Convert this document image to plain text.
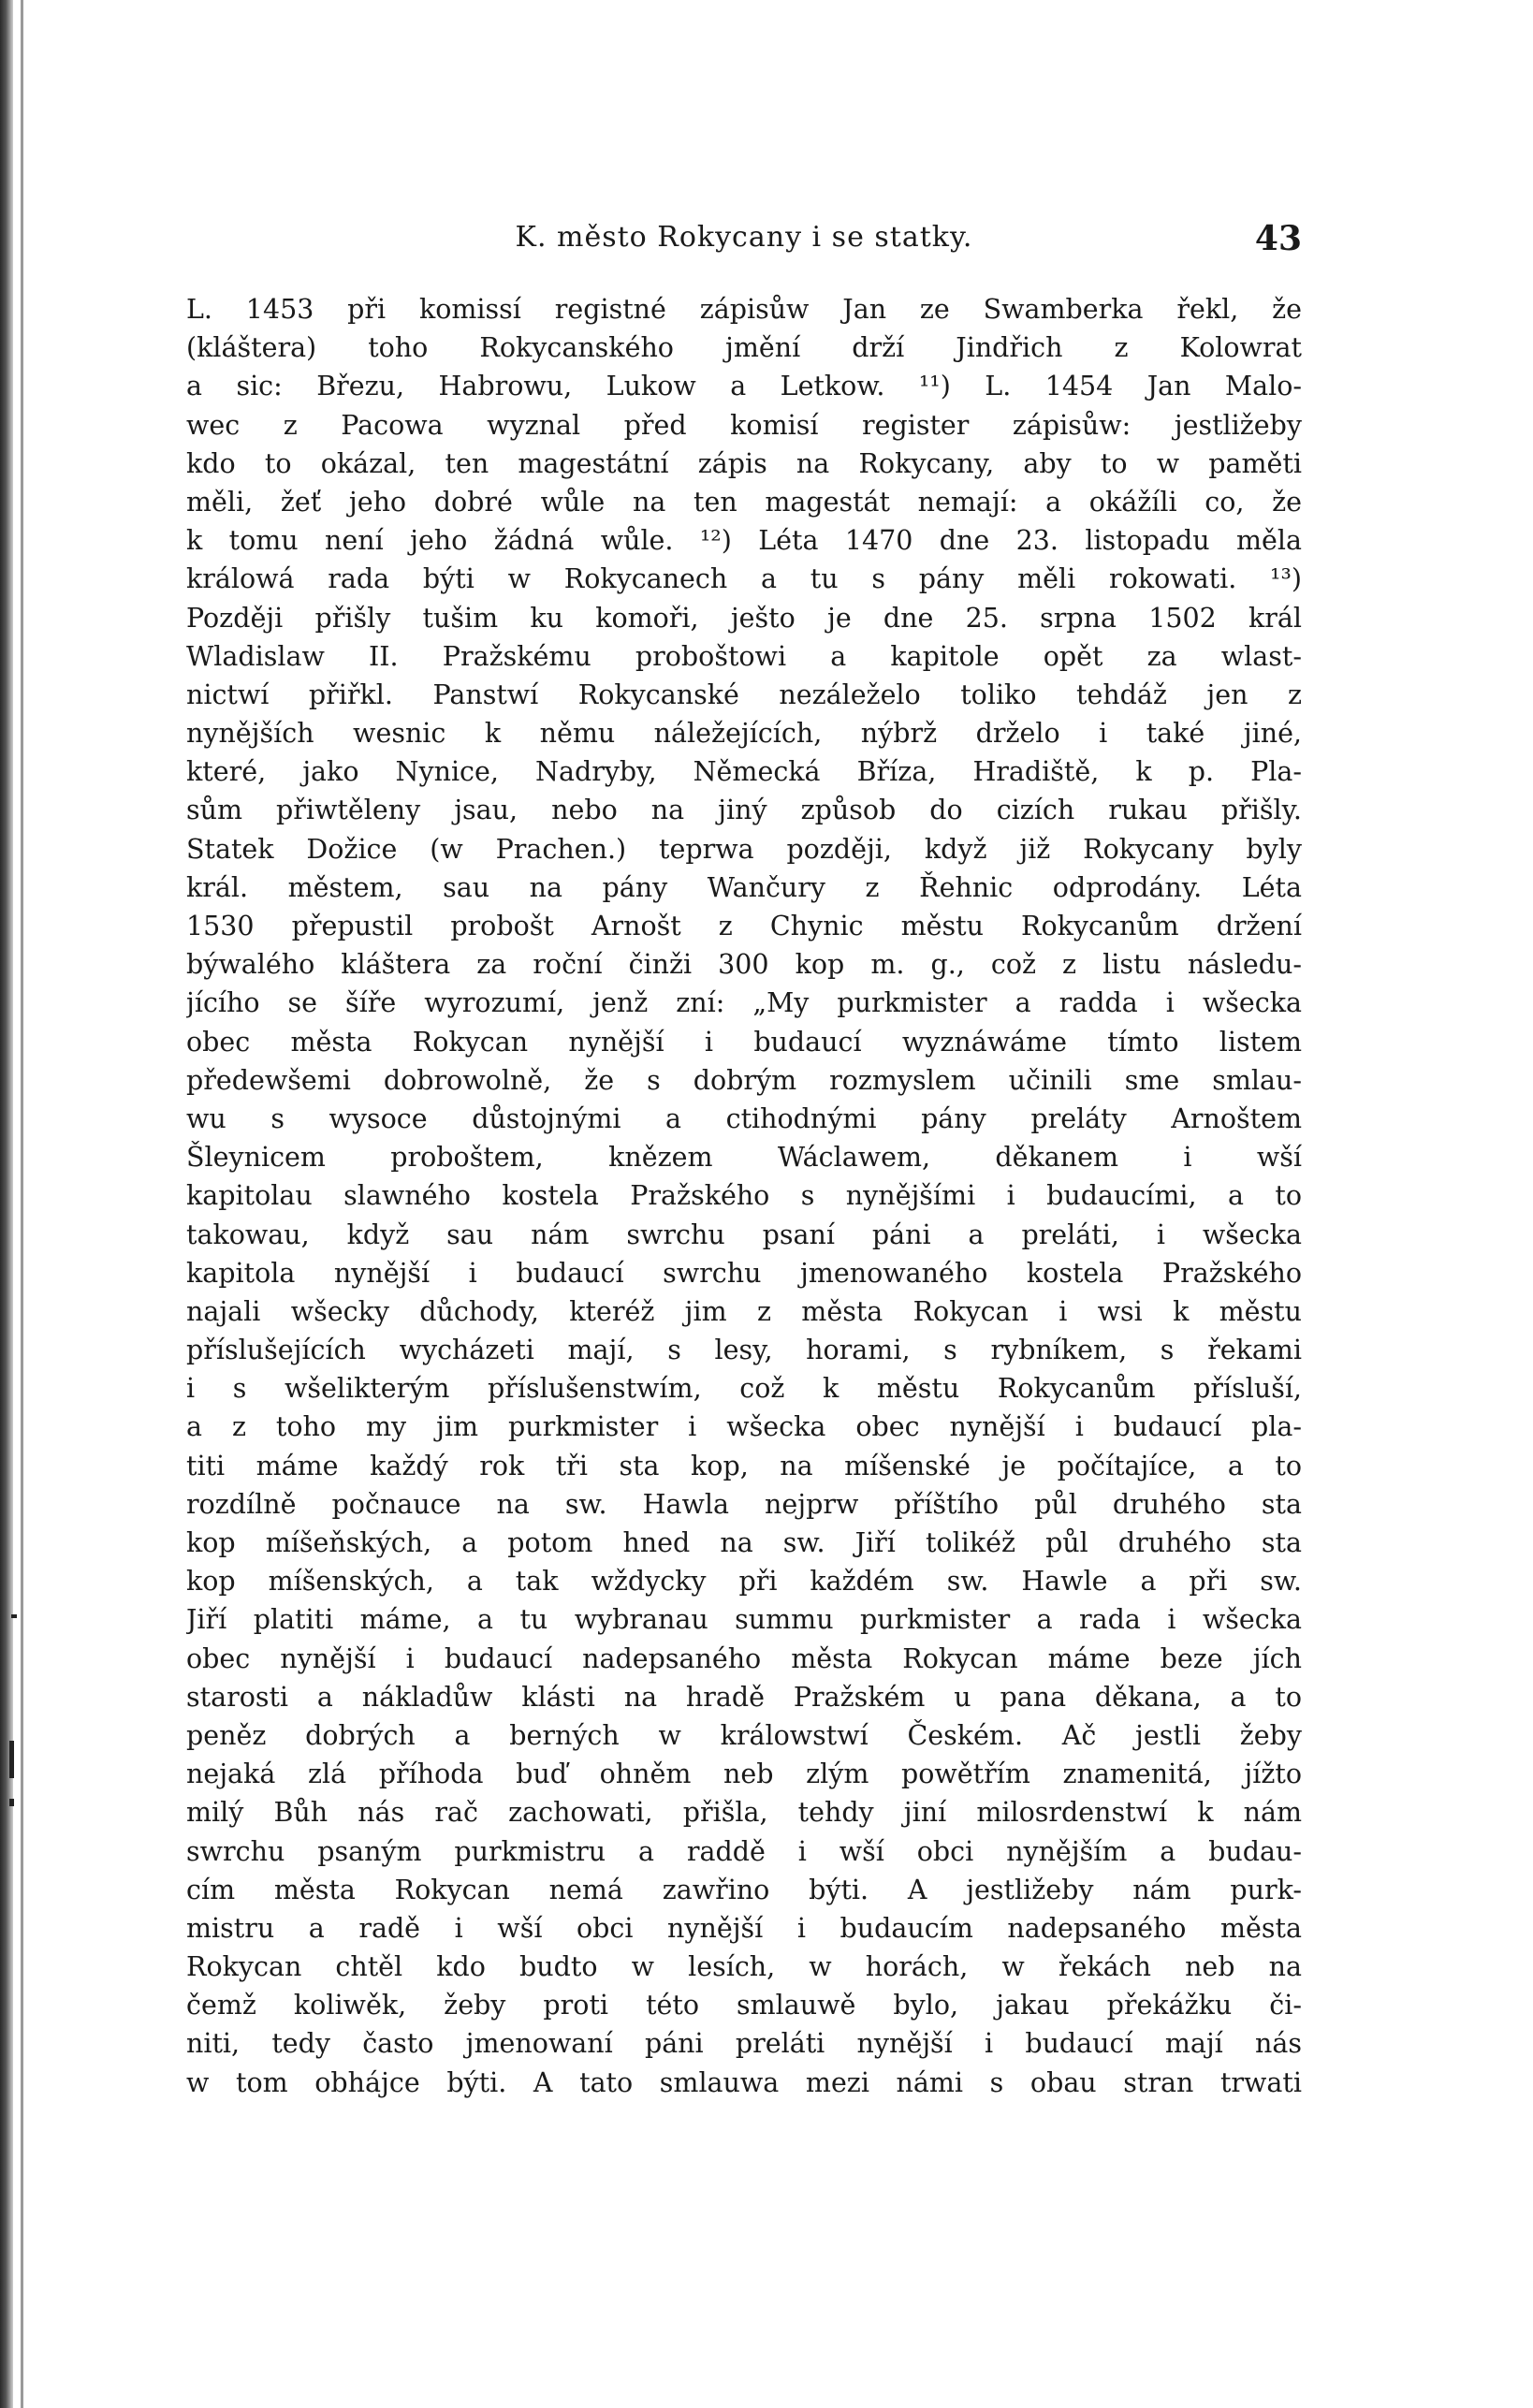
K. město Rokycany i se statky.	43
L. 1453 při komissí registné zápisůw Jan ze Swamberka řekl, že
(kláštera) toho Rokycanského jmění drží Jindřich z Kolowrat
a sic: Březu, Habrowu, Lukow a Letkow. ¹¹) L. 1454 Jan Malo-
wec z Pacowa wyznal před komisí register zápisůw: jestližeby
kdo to okázal, ten magestátní zápis na Rokycany, aby to w paměti
měli, žeť jeho dobré wůle na ten magestát nemají: a okážíli co, že
k tomu není jeho žádná wůle. ¹²) Léta 1470 dne 23. listopadu měla
králowá rada býti w Rokycanech a tu s pány měli rokowati. ¹³)
Později přišly tušim ku komoři, ješto je dne 25. srpna 1502 král
Wladislaw II. Pražskému proboštowi a kapitole opět za wlast-
nictwí přiřkl. Panstwí Rokycanské nezáleželo toliko tehdáž jen z
nynějších wesnic k němu náležejících, nýbrž drželo i také jiné,
které, jako Nynice, Nadryby, Německá Bříza, Hradiště, k p. Pla-
sům přiwtěleny jsau, nebo na jiný způsob do cizích rukau přišly.
Statek Dožice (w Prachen.) teprwa později, když již Rokycany byly
král. městem, sau na pány Wančury z Řehnic odprodány. Léta
1530 přepustil probošt Arnošt z Chynic městu Rokycanům držení
býwalého kláštera za roční činži 300 kop m. g., což z listu následu-
jícího se šíře wyrozumí, jenž zní: „My purkmister a radda i wšecka
obec města Rokycan nynější i budaucí wyznáwáme tímto listem
předewšemi dobrowolně, že s dobrým rozmyslem učinili sme smlau-
wu s wysoce důstojnými a ctihodnými pány preláty Arnoštem
Šleynicem proboštem, knězem Wáclawem, děkanem i wší
kapitolau slawného kostela Pražského s nynějšími i budaucími, a to
takowau, když sau nám swrchu psaní páni a preláti, i wšecka
kapitola nynější i budaucí swrchu jmenowaného kostela Pražského
najali wšecky důchody, kteréž jim z města Rokycan i wsi k městu
příslušejících wycházeti mají, s lesy, horami, s rybníkem, s řekami
i s wšelikterým příslušenstwím, což k městu Rokycanům přísluší,
a z toho my jim purkmister i wšecka obec nynější i budaucí pla-
titi máme každý rok tři sta kop, na míšenské je počítajíce, a to
rozdílně počnauce na sw. Hawla nejprw příštího půl druhého sta
kop míšeňských, a potom hned na sw. Jiří tolikéž půl druhého sta
kop míšenských, a tak wždycky při každém sw. Hawle a při sw.
Jiří platiti máme, a tu wybranau summu purkmister a rada i wšecka
obec nynější i budaucí nadepsaného města Rokycan máme beze jích
starosti a nákladůw klásti na hradě Pražském u pana děkana, a to
peněz dobrých a berných w králowstwí Českém. Ač jestli žeby
nejaká zlá příhoda buď ohněm neb zlým powětřím znamenitá, jížto
milý Bůh nás rač zachowati, přišla, tehdy jiní milosrdenstwí k nám
swrchu psaným purkmistru a raddě i wší obci nynějším a budau-
cím města Rokycan nemá zawřino býti. A jestližeby nám purk-
mistru a radě i wší obci nynější i budaucím nadepsaného města
Rokycan chtěl kdo budto w lesích, w horách, w řekách neb na
čemž koliwěk, žeby proti této smlauwě bylo, jakau překážku či-
niti, tedy často jmenowaní páni preláti nynější i budaucí mají nás
w tom obhájce býti. A tato smlauwa mezi námi s obau stran trwati
